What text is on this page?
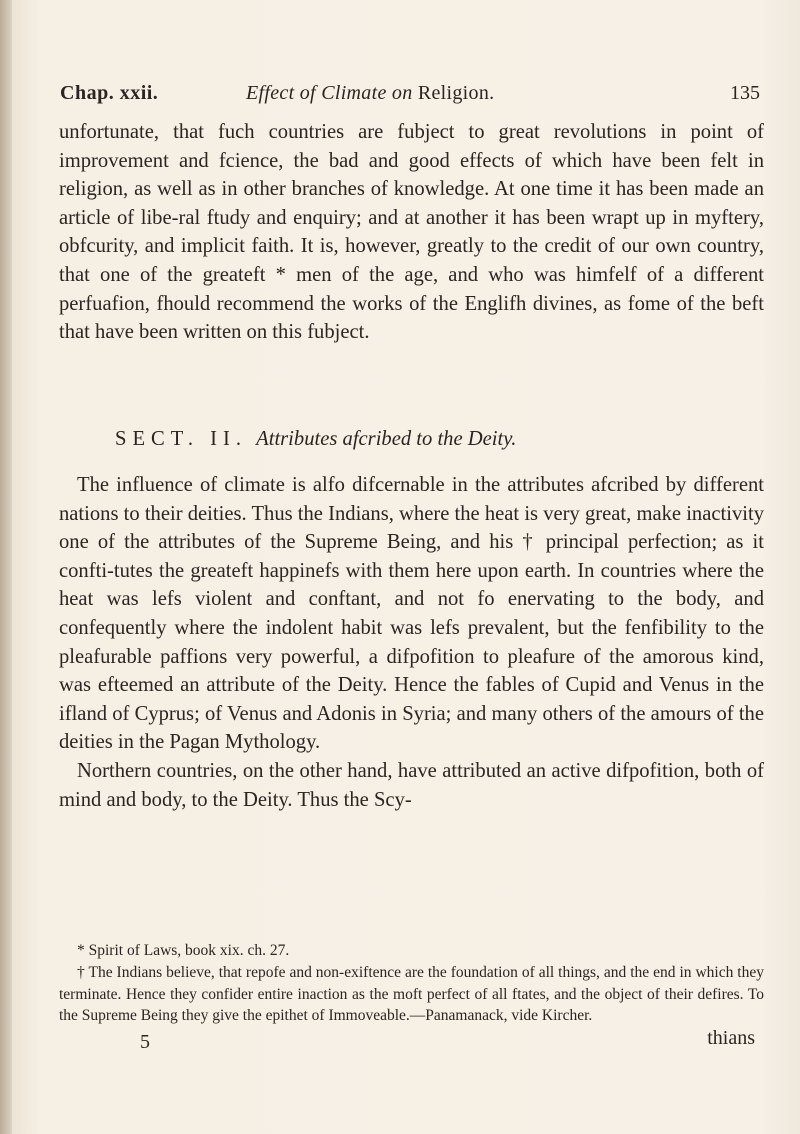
Chap. xxii.	Effect of Climate on Religion.	135

unfortunate, that fuch countries are fubject to great revolutions in point of improvement and fcience, the bad and good effects of which have been felt in religion, as well as in other branches of knowledge. At one time it has been made an article of libe-ral ftudy and enquiry; and at another it has been wrapt up in myftery, obfcurity, and implicit faith. It is, however, greatly to the credit of our own country, that one of the greateft * men of the age, and who was himfelf of a different perfuafion, fhould recommend the works of the Englifh divines, as fome of the beft that have been written on this fubject.

SECT. II. Attributes afcribed to the Deity.

The influence of climate is alfo difcernable in the attributes afcribed by different nations to their deities. Thus the Indians, where the heat is very great, make inactivity one of the attributes of the Supreme Being, and his † principal perfection; as it confti-tutes the greateft happinefs with them here upon earth. In countries where the heat was lefs violent and conftant, and not fo enervating to the body, and confequently where the indolent habit was lefs prevalent, but the fenfibility to the pleafurable paffions very powerful, a difpofition to pleafure of the amorous kind, was efteemed an attribute of the Deity. Hence the fables of Cupid and Venus in the ifland of Cyprus; of Venus and Adonis in Syria; and many others of the amours of the deities in the Pagan Mythology.

Northern countries, on the other hand, have attributed an active difpofition, both of mind and body, to the Deity. Thus the Scy-

* Spirit of Laws, book xix. ch. 27.

† The Indians believe, that repofe and non-exiftence are the foundation of all things, and the end in which they terminate. Hence they confider entire inaction as the moft perfect of all ftates, and the object of their defires. To the Supreme Being they give the epithet of Immoveable.—Panamanack, vide Kircher.

5	thians
